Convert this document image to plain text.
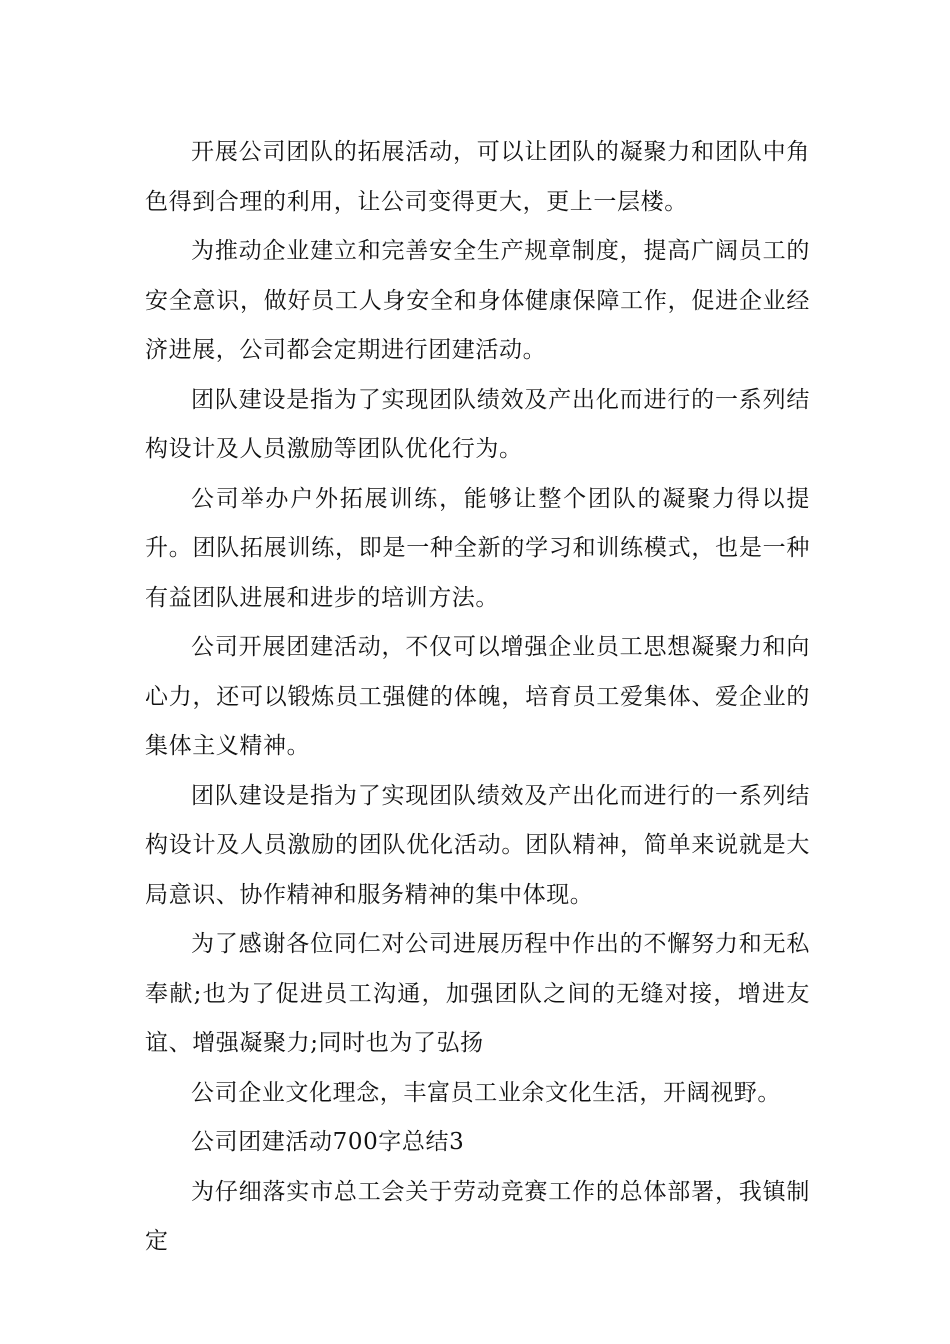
开展公司团队的拓展活动，可以让团队的凝聚力和团队中角色得到合理的利用，让公司变得更大，更上一层楼。

为推动企业建立和完善安全生产规章制度，提高广阔员工的安全意识，做好员工人身安全和身体健康保障工作，促进企业经济进展，公司都会定期进行团建活动。

团队建设是指为了实现团队绩效及产出化而进行的一系列结构设计及人员激励等团队优化行为。

公司举办户外拓展训练，能够让整个团队的凝聚力得以提升。团队拓展训练，即是一种全新的学习和训练模式，也是一种有益团队进展和进步的培训方法。

公司开展团建活动，不仅可以增强企业员工思想凝聚力和向心力，还可以锻炼员工强健的体魄，培育员工爱集体、爱企业的集体主义精神。

团队建设是指为了实现团队绩效及产出化而进行的一系列结构设计及人员激励的团队优化活动。团队精神，简单来说就是大局意识、协作精神和服务精神的集中体现。

为了感谢各位同仁对公司进展历程中作出的不懈努力和无私奉献;也为了促进员工沟通，加强团队之间的无缝对接，增进友谊、增强凝聚力;同时也为了弘扬

公司企业文化理念，丰富员工业余文化生活，开阔视野。

公司团建活动700字总结3

为仔细落实市总工会关于劳动竞赛工作的总体部署，我镇制定
